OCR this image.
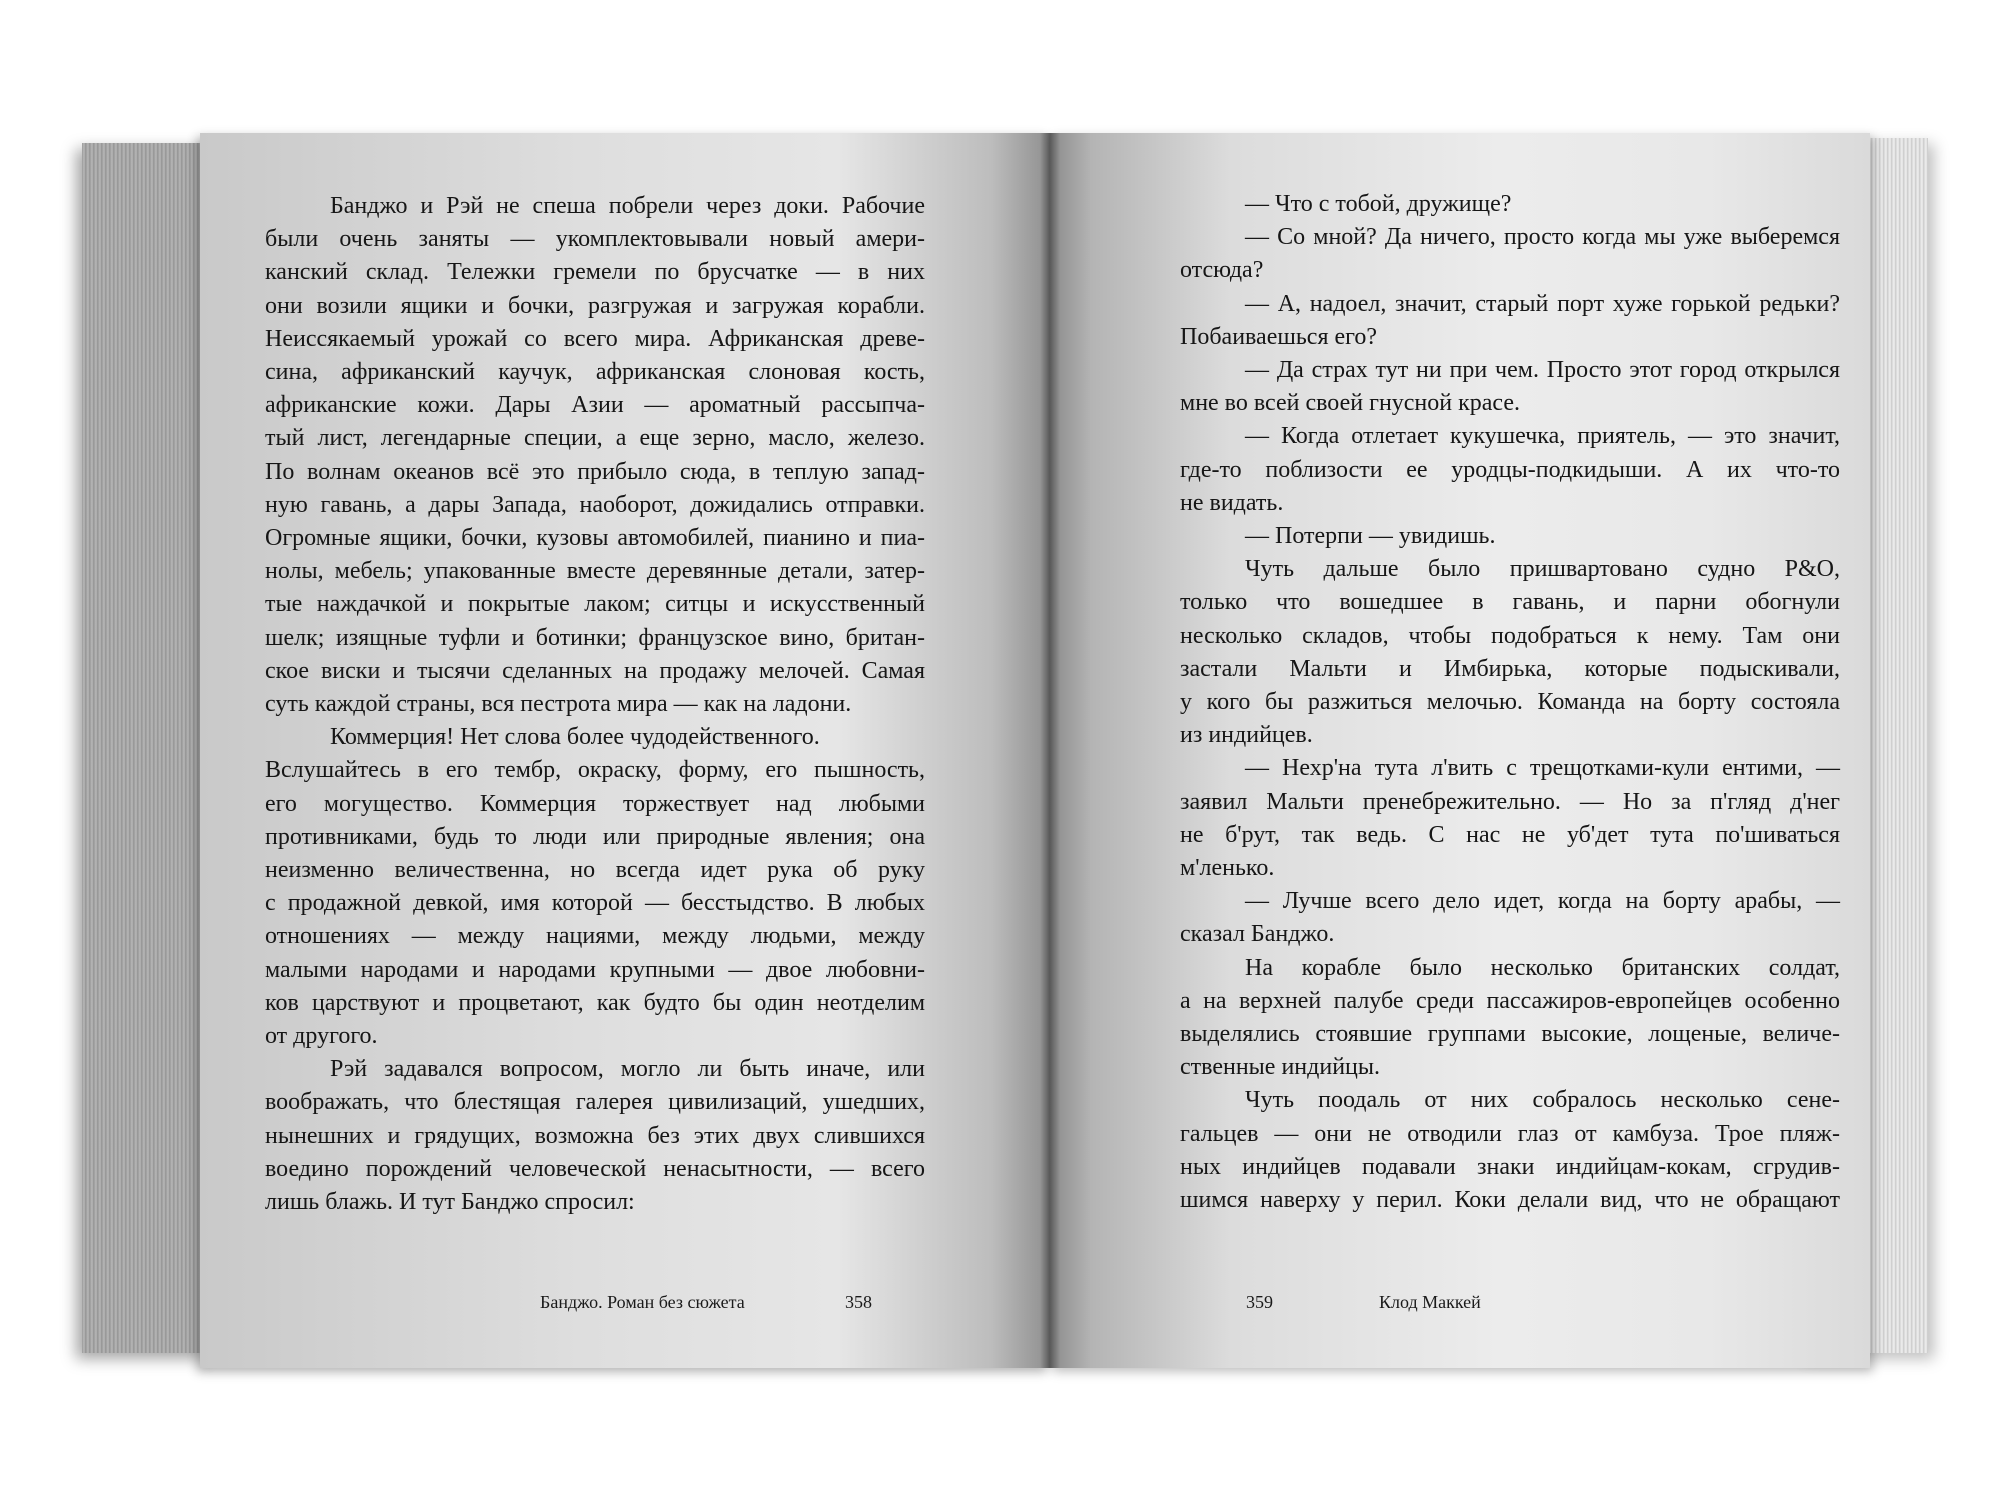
Банджо и Рэй не спеша побрели через доки. Рабочие

были очень заняты — укомплектовывали новый амери-

канский склад. Тележки гремели по брусчатке — в них

они возили ящики и бочки, разгружая и загружая корабли.

Неиссякаемый урожай со всего мира. Африканская древе-

сина, африканский каучук, африканская слоновая кость,

африканские кожи. Дары Азии — ароматный рассыпча-

тый лист, легендарные специи, а еще зерно, масло, железо.

По волнам океанов всё это прибыло сюда, в теплую запад-

ную гавань, а дары Запада, наоборот, дожидались отправки.

Огромные ящики, бочки, кузовы автомобилей, пианино и пиа-

нолы, мебель; упакованные вместе деревянные детали, затер-

тые наждачкой и покрытые лаком; ситцы и искусственный

шелк; изящные туфли и ботинки; французское вино, британ-

ское виски и тысячи сделанных на продажу мелочей. Самая

суть каждой страны, вся пестрота мира — как на ладони.

Коммерция! Нет слова более чудодейственного.

Вслушайтесь в его тембр, окраску, форму, его пышность,

его могущество. Коммерция торжествует над любыми

противниками, будь то люди или природные явления; она

неизменно величественна, но всегда идет рука об руку

с продажной девкой, имя которой — бесстыдство. В любых

отношениях — между нациями, между людьми, между

малыми народами и народами крупными — двое любовни-

ков царствуют и процветают, как будто бы один неотделим

от другого.

Рэй задавался вопросом, могло ли быть иначе, или

воображать, что блестящая галерея цивилизаций, ушедших,

нынешних и грядущих, возможна без этих двух слившихся

воедино порождений человеческой ненасытности, — всего

лишь блажь. И тут Банджо спросил:

— Что с тобой, дружище?

— Со мной? Да ничего, просто когда мы уже выберемся

отсюда?

— А, надоел, значит, старый порт хуже горькой редьки?

Побаиваешься его?

— Да страх тут ни при чем. Просто этот город открылся

мне во всей своей гнусной красе.

— Когда отлетает кукушечка, приятель, — это значит,

где-то поблизости ее уродцы-подкидыши. А их что-то

не видать.

— Потерпи — увидишь.

Чуть дальше было пришвартовано судно P&O,

только что вошедшее в гавань, и парни обогнули

несколько складов, чтобы подобраться к нему. Там они

застали Мальти и Имбирька, которые подыскивали,

у кого бы разжиться мелочью. Команда на борту состояла

из индийцев.

— Нехр'на тута л'вить с трещотками-кули ентими, —

заявил Мальти пренебрежительно. — Но за п'гляд д'нег

не б'рут, так ведь. С нас не уб'дет тута по'шиваться

м'ленько.

— Лучше всего дело идет, когда на борту арабы, —

сказал Банджо.

На корабле было несколько британских солдат,

а на верхней палубе среди пассажиров-европейцев особенно

выделялись стоявшие группами высокие, лощеные, величе-

ственные индийцы.

Чуть поодаль от них собралось несколько сене-

гальцев — они не отводили глаз от камбуза. Трое пляж-

ных индийцев подавали знаки индийцам-кокам, сгрудив-

шимся наверху у перил. Коки делали вид, что не обращают

Банджо. Роман без сюжета	358	359	Клод Маккей
